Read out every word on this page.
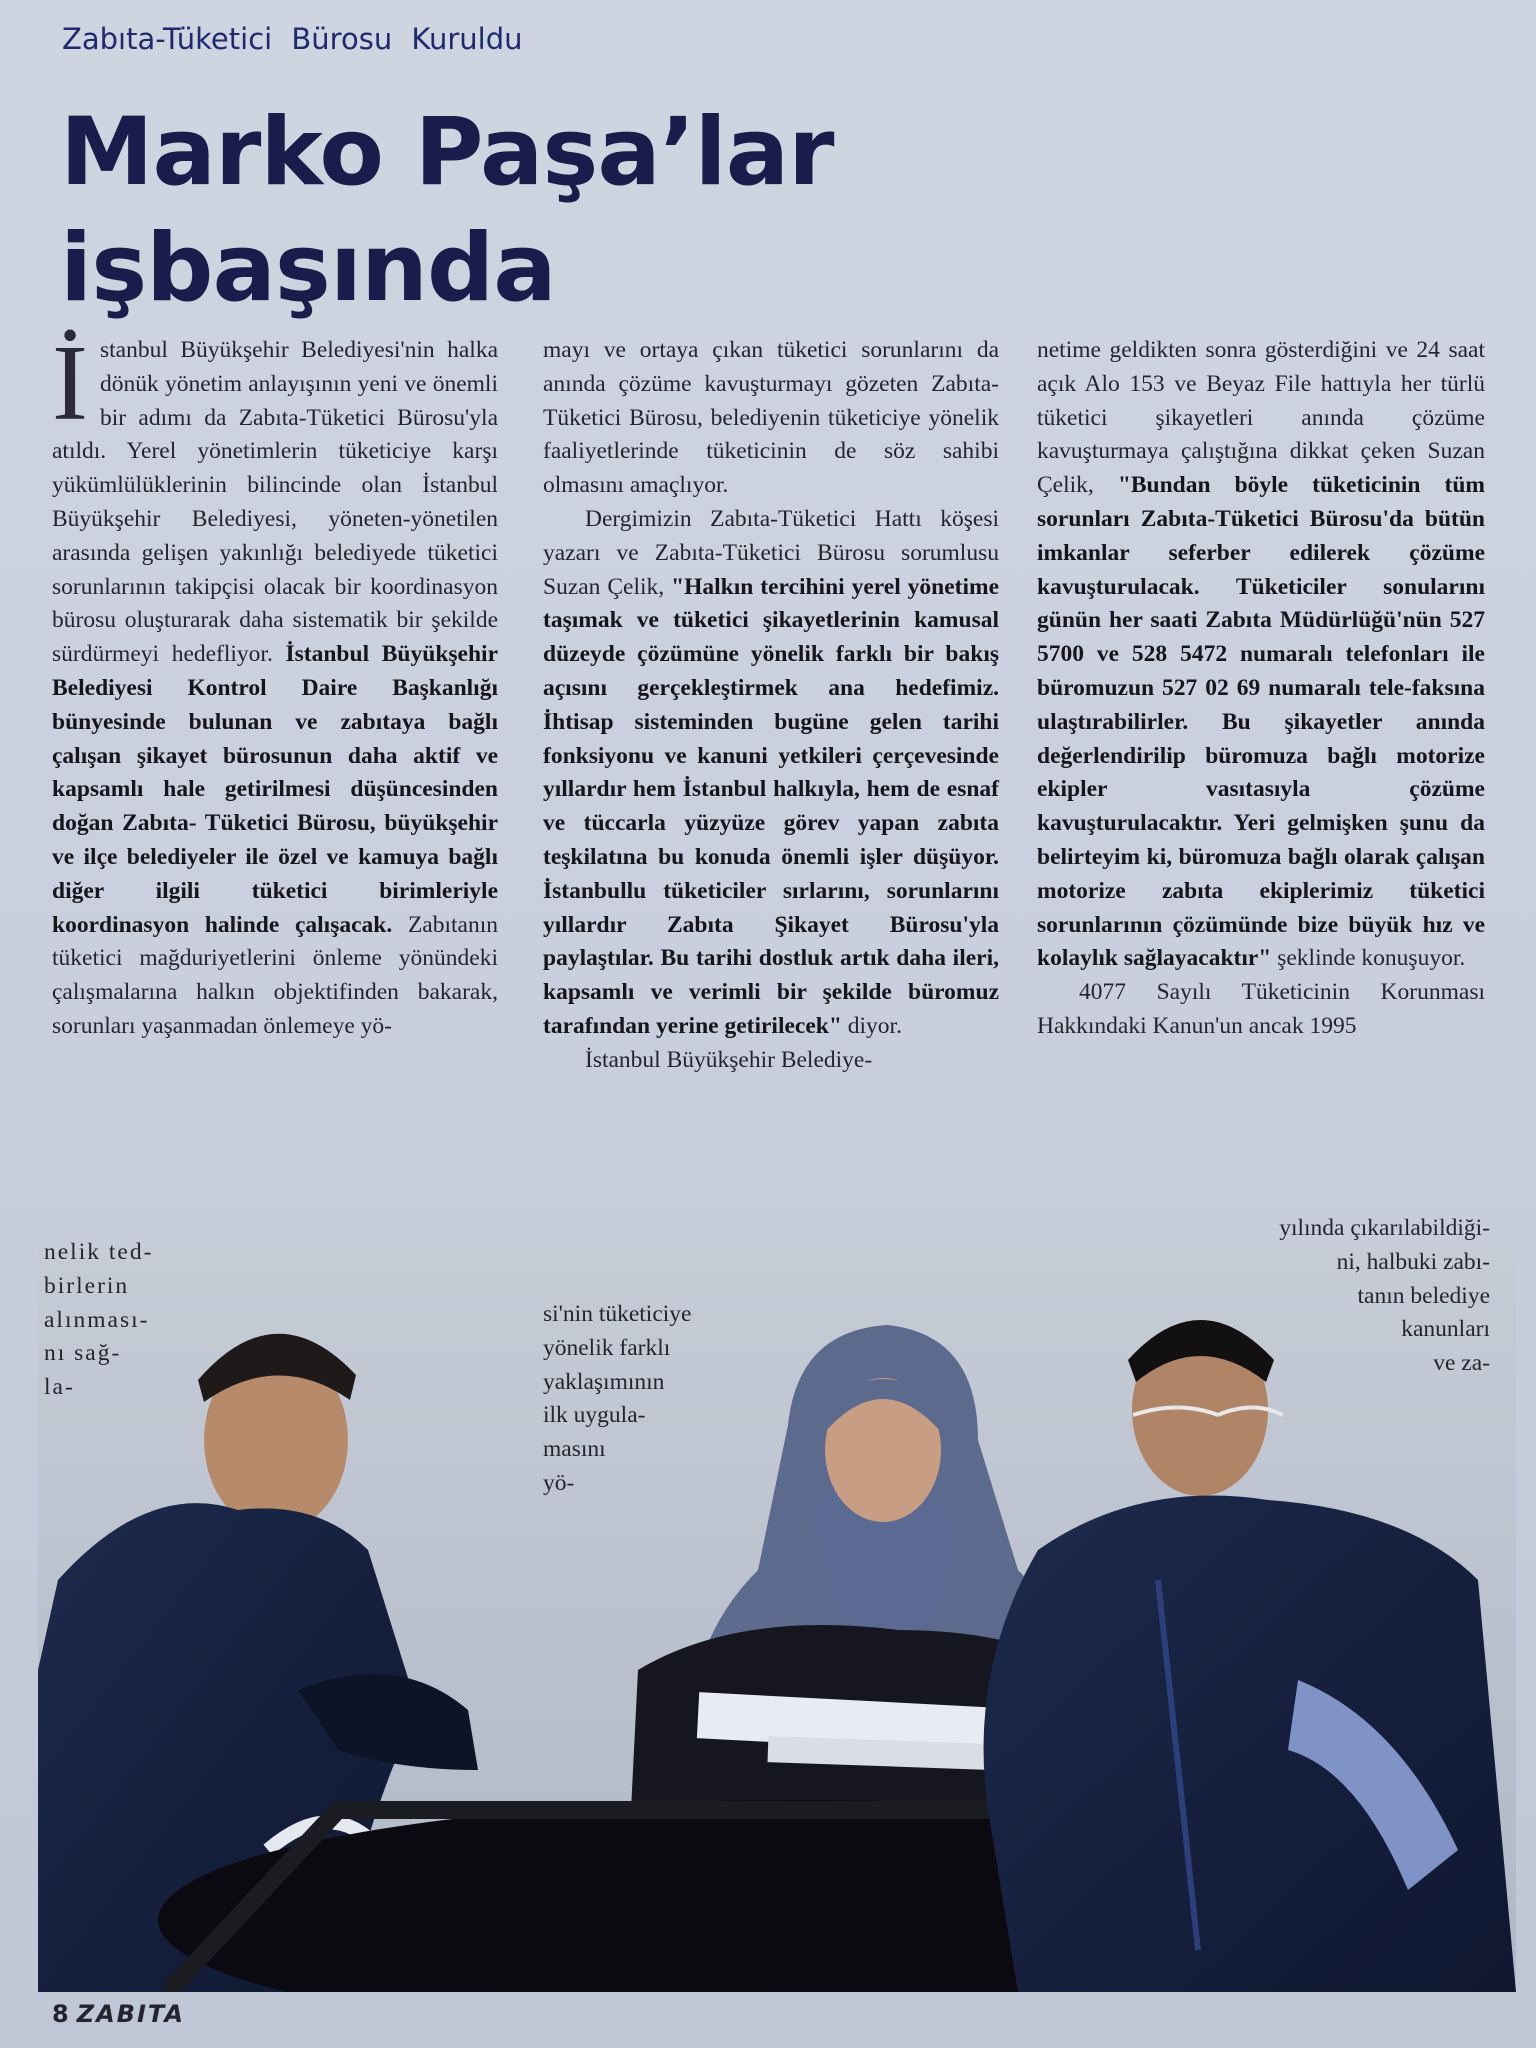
Zabıta-Tüketici Bürosu Kuruldu
Marko Paşa’lar
işbaşında

İ stanbul Büyükşehir Belediyesi'nin halka dönük yönetim anlayışının yeni ve önemli bir adımı da Zabıta-Tüketici Bürosu'yla atıldı. Yerel yönetimlerin tüketiciye karşı yükümlülüklerinin bilincinde olan İstanbul Büyükşehir Belediyesi, yöneten-yönetilen arasında gelişen yakınlığı belediyede tüketici sorunlarının takipçisi olacak bir koordinasyon bürosu oluşturarak daha sistematik bir şekilde sürdürmeyi hedefliyor. İstanbul Büyükşehir Belediyesi Kontrol Daire Başkanlığı bünyesinde bulunan ve zabıtaya bağlı çalışan şikayet bürosunun daha aktif ve kapsamlı hale getirilmesi düşüncesinden doğan Zabıta- Tüketici Bürosu, büyükşehir ve ilçe belediyeler ile özel ve kamuya bağlı diğer ilgili tüketici birimleriyle koordinasyon halinde çalışacak. Zabıtanın tüketici mağduriyetlerini önleme yönündeki çalışmalarına halkın objektifinden bakarak, sorunları yaşanmadan önlemeye yö-

mayı ve ortaya çıkan tüketici sorunlarını da anında çözüme kavuşturmayı gözeten Zabıta-Tüketici Bürosu, belediyenin tüketiciye yönelik faaliyetlerinde tüketicinin de söz sahibi olmasını amaçlıyor.

Dergimizin Zabıta-Tüketici Hattı köşesi yazarı ve Zabıta-Tüketici Bürosu sorumlusu Suzan Çelik, "Halkın tercihini yerel yönetime taşımak ve tüketici şikayetlerinin kamusal düzeyde çözümüne yönelik farklı bir bakış açısını gerçekleştirmek ana hedefimiz. İhtisap sisteminden bugüne gelen tarihi fonksiyonu ve kanuni yetkileri çerçevesinde yıllardır hem İstanbul halkıyla, hem de esnaf ve tüccarla yüzyüze görev yapan zabıta teşkilatına bu konuda önemli işler düşüyor. İstanbullu tüketiciler sırlarını, sorunlarını yıllardır Zabıta Şikayet Bürosu'yla paylaştılar. Bu tarihi dostluk artık daha ileri, kapsamlı ve verimli bir şekilde büromuz tarafından yerine getirilecek" diyor.

İstanbul Büyükşehir Belediye-

netime geldikten sonra gösterdiğini ve 24 saat açık Alo 153 ve Beyaz File hattıyla her türlü tüketici şikayetleri anında çözüme kavuşturmaya çalıştığına dikkat çeken Suzan Çelik, "Bundan böyle tüketicinin tüm sorunları Zabıta-Tüketici Bürosu'da bütün imkanlar seferber edilerek çözüme kavuşturulacak. Tüketiciler sonularını günün her saati Zabıta Müdürlüğü'nün 527 5700 ve 528 5472 numaralı telefonları ile büromuzun 527 02 69 numaralı tele-faksına ulaştırabilirler. Bu şikayetler anında değerlendirilip büromuza bağlı motorize ekipler vasıtasıyla çözüme kavuşturulacaktır. Yeri gelmişken şunu da belirteyim ki, büromuza bağlı olarak çalışan motorize zabıta ekiplerimiz tüketici sorunlarının çözümünde bize büyük hız ve kolaylık sağlayacaktır" şeklinde konuşuyor.

4077 Sayılı Tüketicinin Korunması Hakkındaki Kanun'un ancak 1995

nelik ted-
birlerin
alınması-
nı sağ-
la-
si'nin tüketiciye
yönelik farklı
yaklaşımının
ilk uygula-
masını
yö-
yılında çıkarılabildiği-
ni, halbuki zabı-
tanın belediye
kanunları
ve za-
8 ZABITA
